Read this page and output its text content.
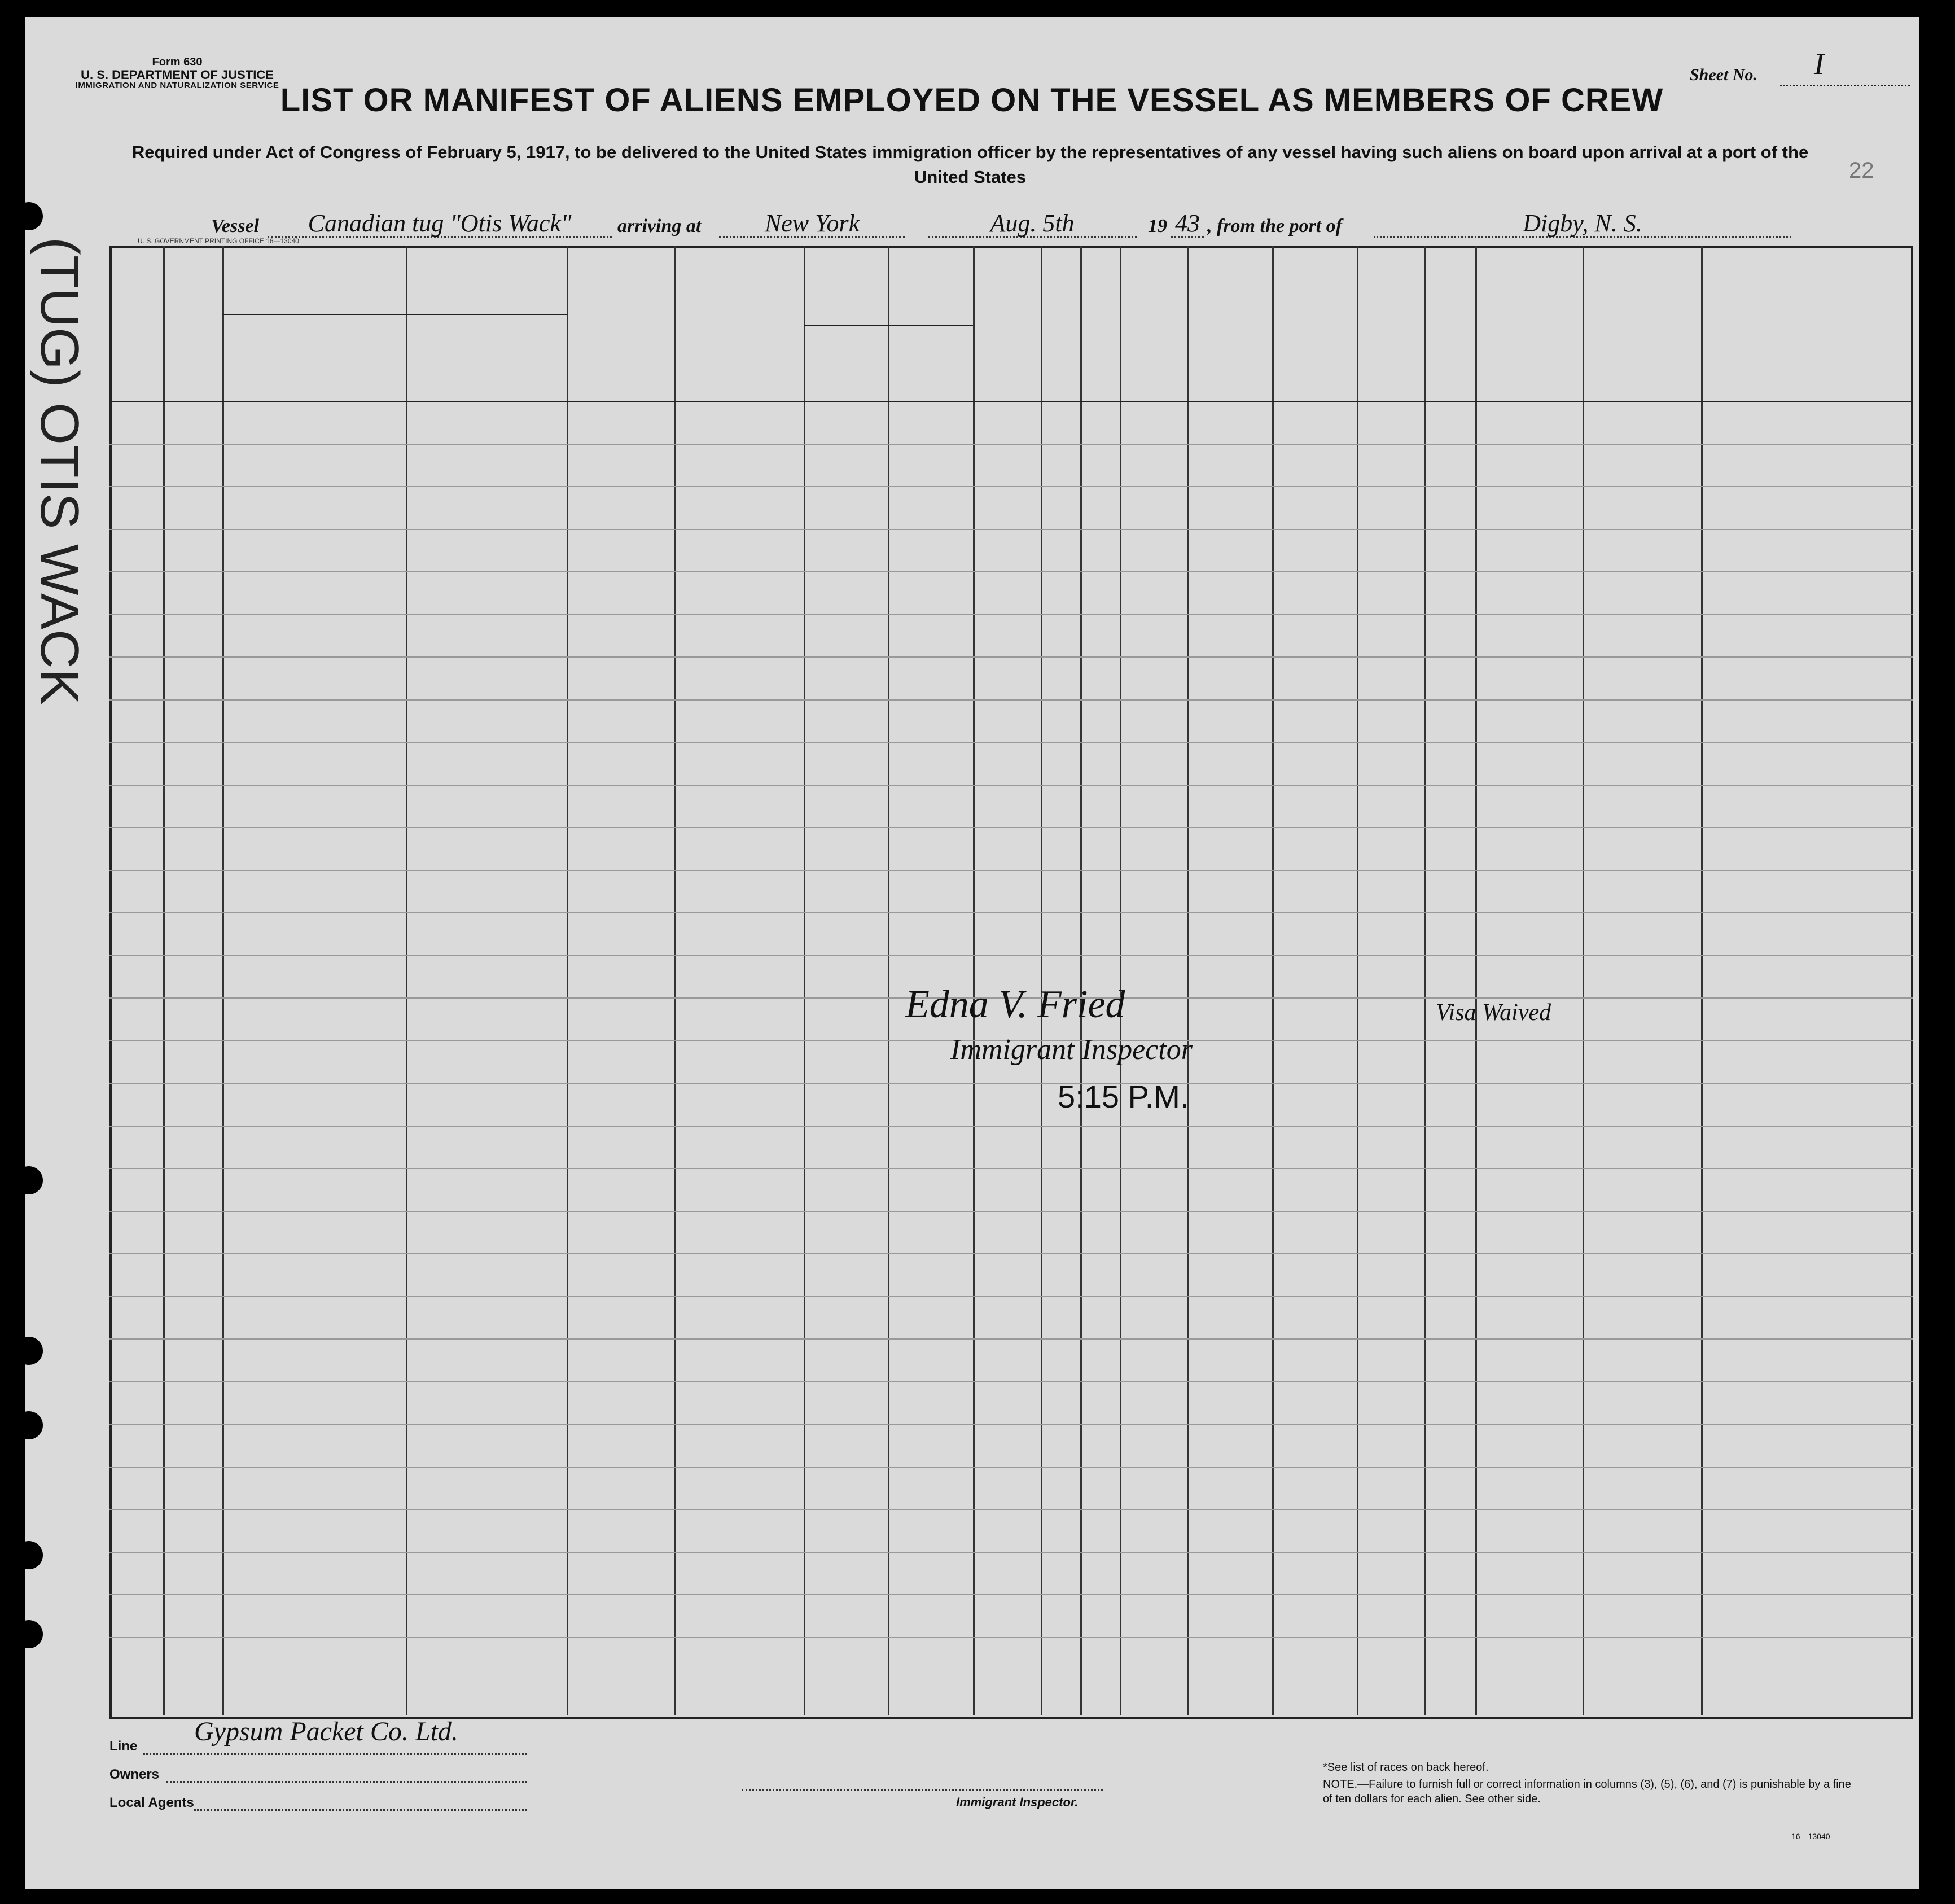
Form 630
U. S. DEPARTMENT OF JUSTICE
IMMIGRATION AND NATURALIZATION SERVICE
Sheet No. I
LIST OR MANIFEST OF ALIENS EMPLOYED ON THE VESSEL AS MEMBERS OF CREW
Required under Act of Congress of February 5, 1917, to be delivered to the United States immigration officer by the representatives of any vessel having such aliens on board upon arrival at a port of the United States	22
Vessel	Canadian tug "Otis Wack"	arriving at	New York	Aug. 5th	19 43 , from the port of	Digby, N. S.
U. S. GOVERNMENT PRINTING OFFICE 16—13040
Edna V. Fried
Immigrant Inspector
5:15 P.M.
Visa Waived
Line Gypsum Packet Co. Ltd.
Owners
Local Agents	Immigrant Inspector.
*See list of races on back hereof.
NOTE.—Failure to furnish full or correct information in columns (3), (5), (6), and (7) is punishable by a fine of ten dollars for each alien. See other side.
16—13040
(TUG) OTIS WACK
